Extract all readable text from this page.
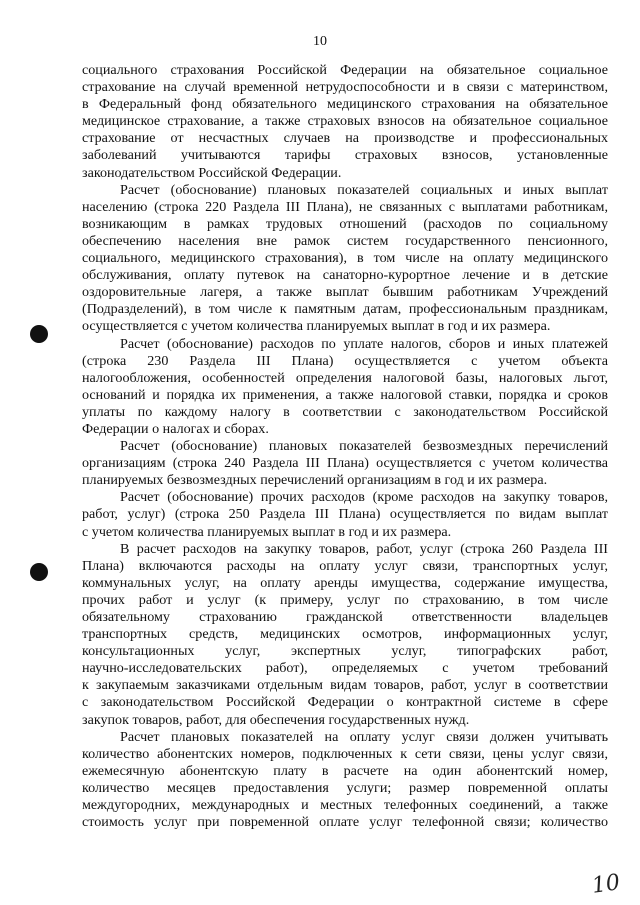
10
социального страхования Российской Федерации на обязательное социальное
страхование на случай временной нетрудоспособности и в связи с материнством,
в Федеральный фонд обязательного медицинского страхования на обязательное
медицинское страхование, а также страховых взносов на обязательное социальное
страхование от несчастных случаев на производстве и профессиональных
заболеваний учитываются тарифы страховых взносов, установленные
законодательством Российской Федерации.
Расчет (обоснование) плановых показателей социальных и иных выплат
населению (строка 220 Раздела III Плана), не связанных с выплатами работникам,
возникающим в рамках трудовых отношений (расходов по социальному
обеспечению населения вне рамок систем государственного пенсионного,
социального, медицинского страхования), в том числе на оплату медицинского
обслуживания, оплату путевок на санаторно-курортное лечение и в детские
оздоровительные лагеря, а также выплат бывшим работникам Учреждений
(Подразделений), в том числе к памятным датам, профессиональным праздникам,
осуществляется с учетом количества планируемых выплат в год и их размера.
Расчет (обоснование) расходов по уплате налогов, сборов и иных платежей
(строка 230 Раздела III Плана) осуществляется с учетом объекта
налогообложения, особенностей определения налоговой базы, налоговых льгот,
оснований и порядка их применения, а также налоговой ставки, порядка и сроков
уплаты по каждому налогу в соответствии с законодательством Российской
Федерации о налогах и сборах.
Расчет (обоснование) плановых показателей безвозмездных перечислений
организациям (строка 240 Раздела III Плана) осуществляется с учетом количества
планируемых безвозмездных перечислений организациям в год и их размера.
Расчет (обоснование) прочих расходов (кроме расходов на закупку товаров,
работ, услуг) (строка 250 Раздела III Плана) осуществляется по видам выплат
с учетом количества планируемых выплат в год и их размера.
В расчет расходов на закупку товаров, работ, услуг (строка 260 Раздела III
Плана) включаются расходы на оплату услуг связи, транспортных услуг,
коммунальных услуг, на оплату аренды имущества, содержание имущества,
прочих работ и услуг (к примеру, услуг по страхованию, в том числе
обязательному страхованию гражданской ответственности владельцев
транспортных средств, медицинских осмотров, информационных услуг,
консультационных услуг, экспертных услуг, типографских работ,
научно-исследовательских работ), определяемых с учетом требований
к закупаемым заказчиками отдельным видам товаров, работ, услуг в соответствии
с законодательством Российской Федерации о контрактной системе в сфере
закупок товаров, работ, для обеспечения государственных нужд.
Расчет плановых показателей на оплату услуг связи должен учитывать
количество абонентских номеров, подключенных к сети связи, цены услуг связи,
ежемесячную абонентскую плату в расчете на один абонентский номер,
количество месяцев предоставления услуги; размер повременной оплаты
междугородних, международных и местных телефонных соединений, а также
стоимость услуг при повременной оплате услуг телефонной связи; количество
10
